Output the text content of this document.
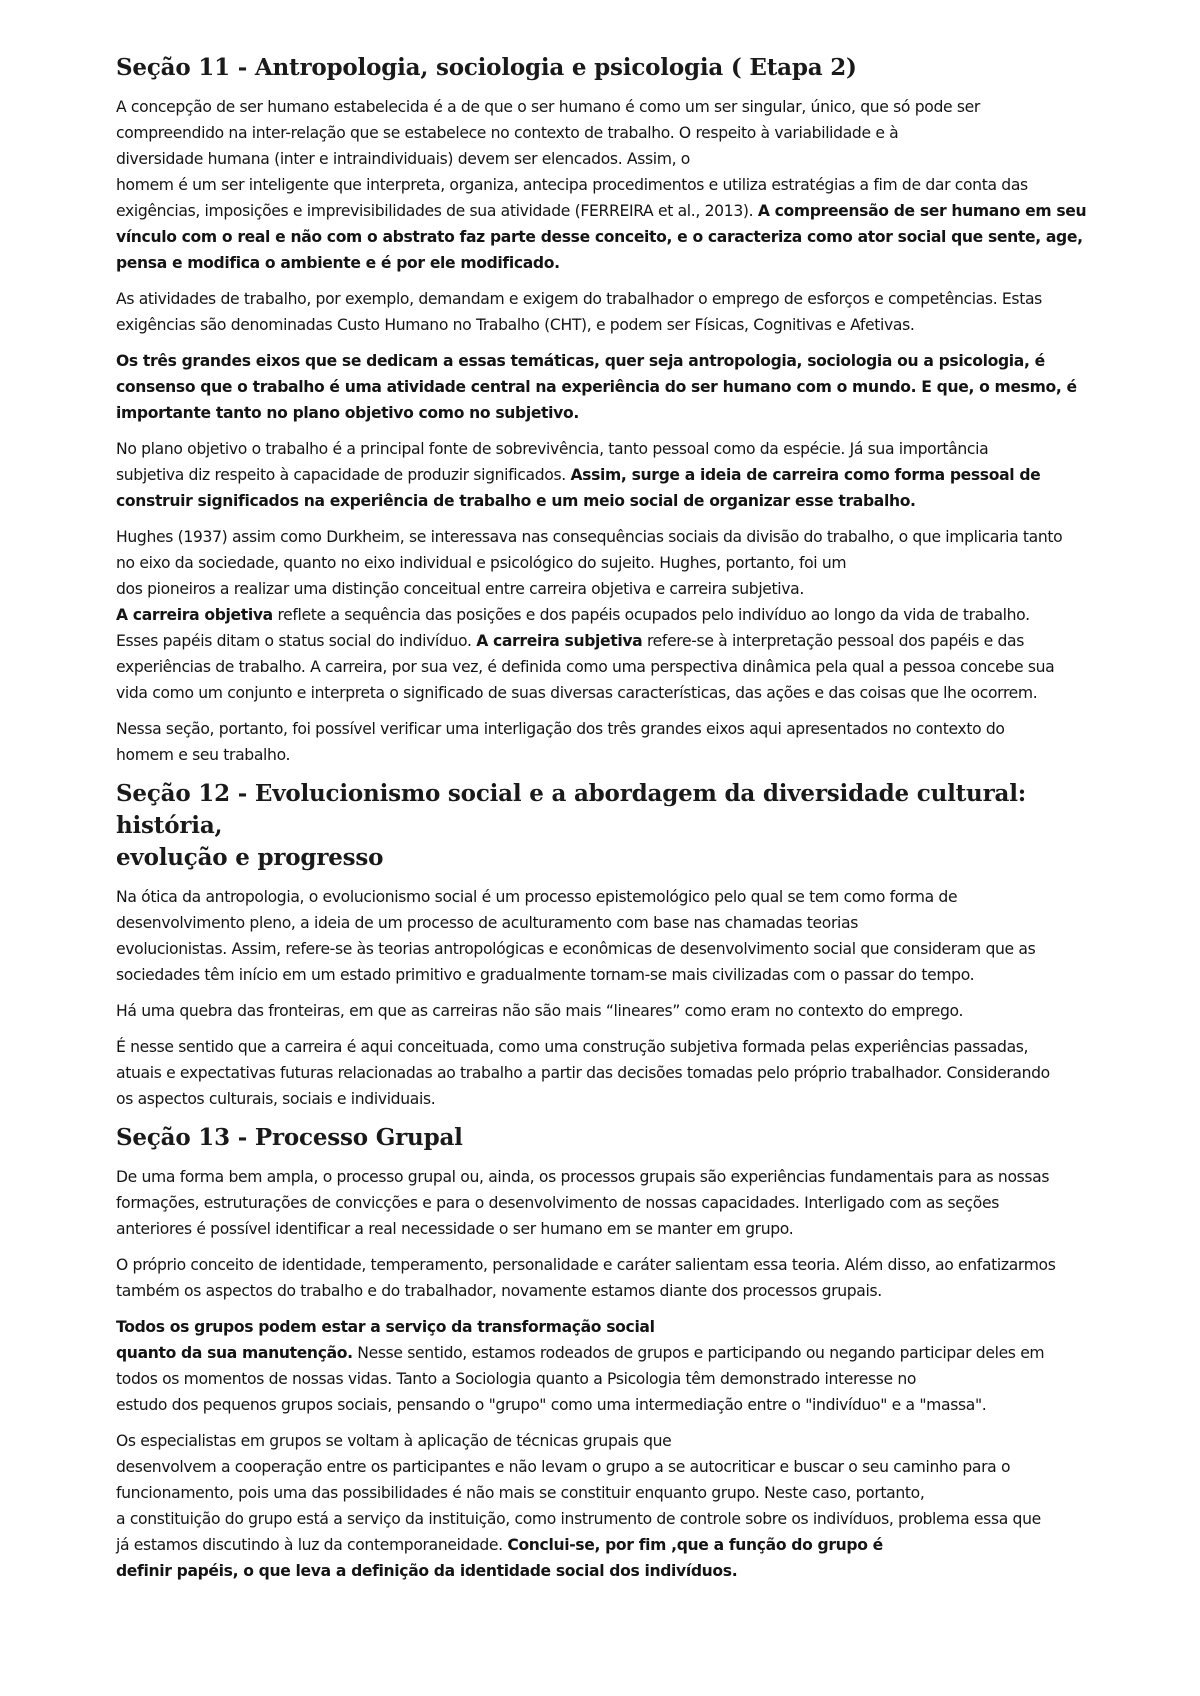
Seção 11 - Antropologia, sociologia e psicologia ( Etapa 2)

A concepção de ser humano estabelecida é a de que o ser humano é como um ser singular, único, que só pode ser
compreendido na inter-relação que se estabelece no contexto de trabalho. O respeito à variabilidade e à
diversidade humana (inter e intraindividuais) devem ser elencados. Assim, o
homem é um ser inteligente que interpreta, organiza, antecipa procedimentos e utiliza estratégias a fim de dar conta das
exigências, imposições e imprevisibilidades de sua atividade (FERREIRA et al., 2013). A compreensão de ser humano em seu
vínculo com o real e não com o abstrato faz parte desse conceito, e o caracteriza como ator social que sente, age,
pensa e modifica o ambiente e é por ele modificado.

As atividades de trabalho, por exemplo, demandam e exigem do trabalhador o emprego de esforços e competências. Estas
exigências são denominadas Custo Humano no Trabalho (CHT), e podem ser Físicas, Cognitivas e Afetivas.

Os três grandes eixos que se dedicam a essas temáticas, quer seja antropologia, sociologia ou a psicologia, é
consenso que o trabalho é uma atividade central na experiência do ser humano com o mundo. E que, o mesmo, é
importante tanto no plano objetivo como no subjetivo.

No plano objetivo o trabalho é a principal fonte de sobrevivência, tanto pessoal como da espécie. Já sua importância
subjetiva diz respeito à capacidade de produzir significados. Assim, surge a ideia de carreira como forma pessoal de
construir significados na experiência de trabalho e um meio social de organizar esse trabalho.

Hughes (1937) assim como Durkheim, se interessava nas consequências sociais da divisão do trabalho, o que implicaria tanto
no eixo da sociedade, quanto no eixo individual e psicológico do sujeito. Hughes, portanto, foi um
dos pioneiros a realizar uma distinção conceitual entre carreira objetiva e carreira subjetiva.
A carreira objetiva reflete a sequência das posições e dos papéis ocupados pelo indivíduo ao longo da vida de trabalho.
Esses papéis ditam o status social do indivíduo. A carreira subjetiva refere-se à interpretação pessoal dos papéis e das
experiências de trabalho. A carreira, por sua vez, é definida como uma perspectiva dinâmica pela qual a pessoa concebe sua
vida como um conjunto e interpreta o significado de suas diversas características, das ações e das coisas que lhe ocorrem.

Nessa seção, portanto, foi possível verificar uma interligação dos três grandes eixos aqui apresentados no contexto do
homem e seu trabalho.

Seção 12 - Evolucionismo social e a abordagem da diversidade cultural: história,
evolução e progresso

Na ótica da antropologia, o evolucionismo social é um processo epistemológico pelo qual se tem como forma de
desenvolvimento pleno, a ideia de um processo de aculturamento com base nas chamadas teorias
evolucionistas. Assim, refere-se às teorias antropológicas e econômicas de desenvolvimento social que consideram que as
sociedades têm início em um estado primitivo e gradualmente tornam-se mais civilizadas com o passar do tempo.

Há uma quebra das fronteiras, em que as carreiras não são mais “lineares” como eram no contexto do emprego.

É nesse sentido que a carreira é aqui conceituada, como uma construção subjetiva formada pelas experiências passadas,
atuais e expectativas futuras relacionadas ao trabalho a partir das decisões tomadas pelo próprio trabalhador. Considerando
os aspectos culturais, sociais e individuais.

Seção 13 - Processo Grupal

De uma forma bem ampla, o processo grupal ou, ainda, os processos grupais são experiências fundamentais para as nossas
formações, estruturações de convicções e para o desenvolvimento de nossas capacidades. Interligado com as seções
anteriores é possível identificar a real necessidade o ser humano em se manter em grupo.

O próprio conceito de identidade, temperamento, personalidade e caráter salientam essa teoria. Além disso, ao enfatizarmos
também os aspectos do trabalho e do trabalhador, novamente estamos diante dos processos grupais.

Todos os grupos podem estar a serviço da transformação social
quanto da sua manutenção. Nesse sentido, estamos rodeados de grupos e participando ou negando participar deles em
todos os momentos de nossas vidas. Tanto a Sociologia quanto a Psicologia têm demonstrado interesse no
estudo dos pequenos grupos sociais, pensando o "grupo" como uma intermediação entre o "indivíduo" e a "massa".

Os especialistas em grupos se voltam à aplicação de técnicas grupais que
desenvolvem a cooperação entre os participantes e não levam o grupo a se autocriticar e buscar o seu caminho para o
funcionamento, pois uma das possibilidades é não mais se constituir enquanto grupo. Neste caso, portanto,
a constituição do grupo está a serviço da instituição, como instrumento de controle sobre os indivíduos, problema essa que
já estamos discutindo à luz da contemporaneidade. Conclui-se, por fim ,que a função do grupo é
definir papéis, o que leva a definição da identidade social dos indivíduos.
